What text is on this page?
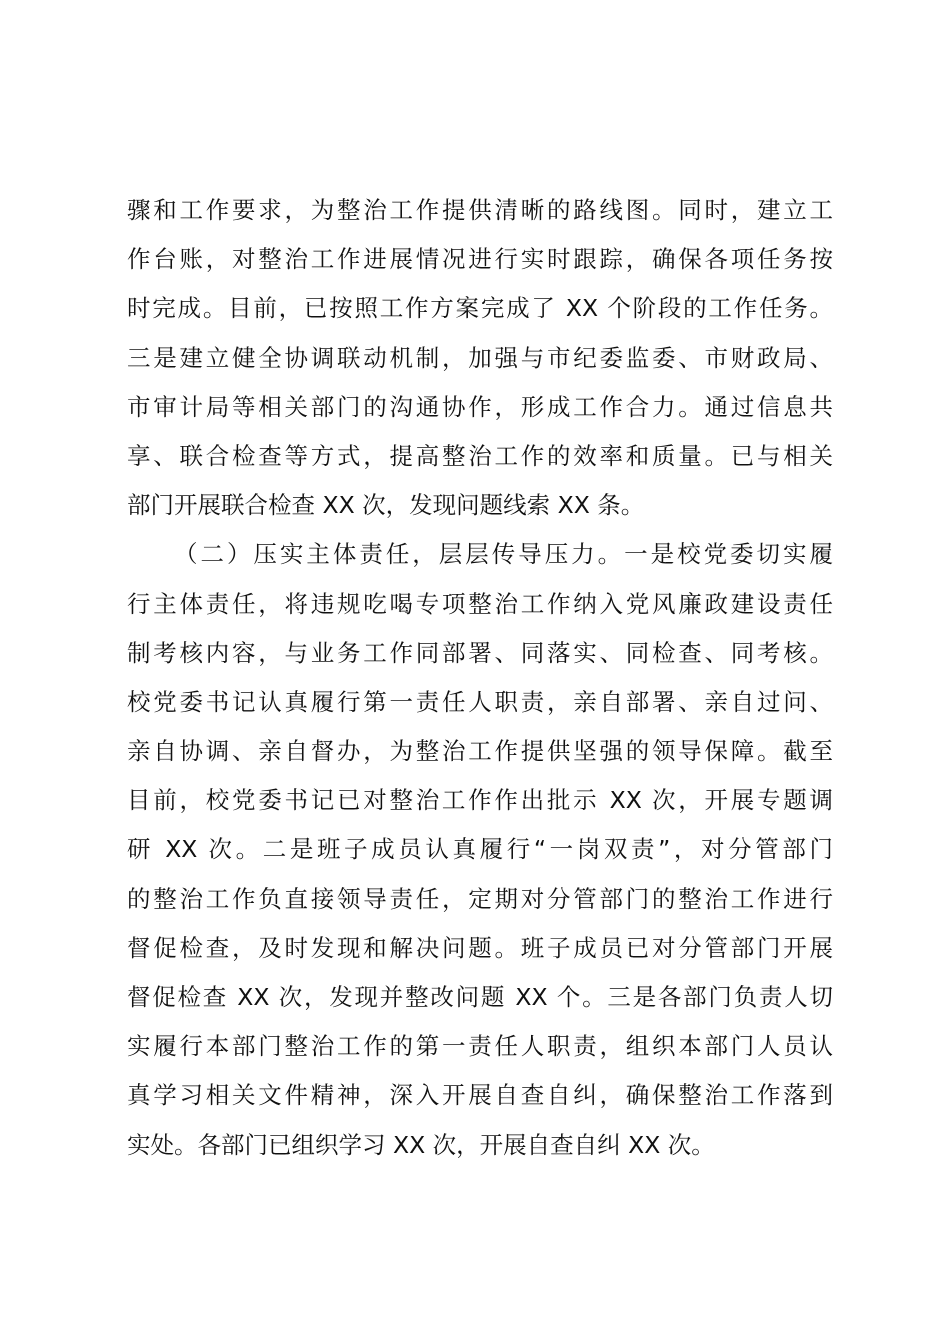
骤和工作要求，为整治工作提供清晰的路线图。同时，建立工
作台账，对整治工作进展情况进行实时跟踪，确保各项任务按
时完成。目前，已按照工作方案完成了 XX 个阶段的工作任务。
三是建立健全协调联动机制，加强与市纪委监委、市财政局、
市审计局等相关部门的沟通协作，形成工作合力。通过信息共
享、联合检查等方式，提高整治工作的效率和质量。已与相关
部门开展联合检查 XX 次，发现问题线索 XX 条。
（二）压实主体责任，层层传导压力。一是校党委切实履
行主体责任，将违规吃喝专项整治工作纳入党风廉政建设责任
制考核内容，与业务工作同部署、同落实、同检查、同考核。
校党委书记认真履行第一责任人职责，亲自部署、亲自过问、
亲自协调、亲自督办，为整治工作提供坚强的领导保障。截至
目前，校党委书记已对整治工作作出批示 XX 次，开展专题调
研 XX 次。二是班子成员认真履行“一岗双责”，对分管部门
的整治工作负直接领导责任，定期对分管部门的整治工作进行
督促检查，及时发现和解决问题。班子成员已对分管部门开展
督促检查 XX 次，发现并整改问题 XX 个。三是各部门负责人切
实履行本部门整治工作的第一责任人职责，组织本部门人员认
真学习相关文件精神，深入开展自查自纠，确保整治工作落到
实处。各部门已组织学习 XX 次，开展自查自纠 XX 次。
